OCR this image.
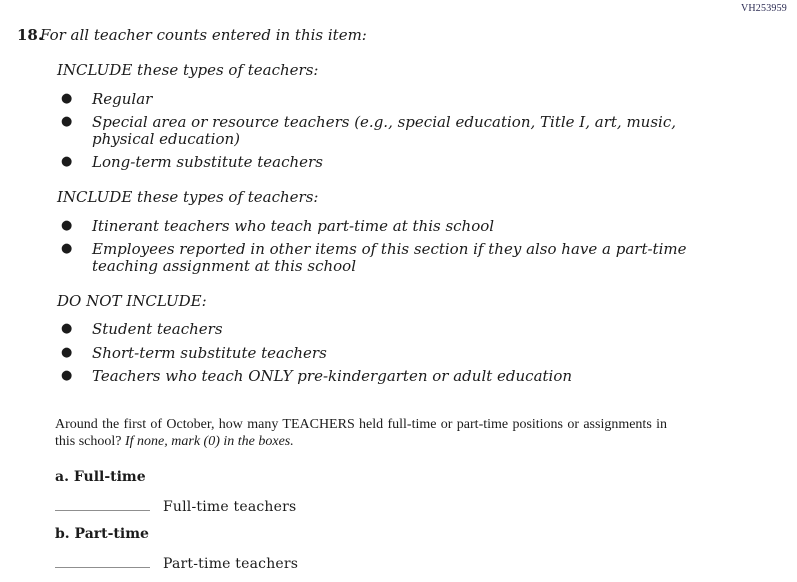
VH253959
18.
For all teacher counts entered in this item:
INCLUDE these types of teachers:
●	Regular
●	Special area or resource teachers (e.g., special education, Title I, art, music, physical education)
●	Long-term substitute teachers
INCLUDE these types of teachers:
●	Itinerant teachers who teach part-time at this school
●	Employees reported in other items of this section if they also have a part-time teaching assignment at this school
DO NOT INCLUDE:
●	Student teachers
●	Short-term substitute teachers
●	Teachers who teach ONLY pre-kindergarten or adult education
Around the first of October, how many TEACHERS held full-time or part-time positions or assignments in this school? If none, mark (0) in the boxes.
a. Full-time
Full-time teachers
b. Part-time
Part-time teachers
